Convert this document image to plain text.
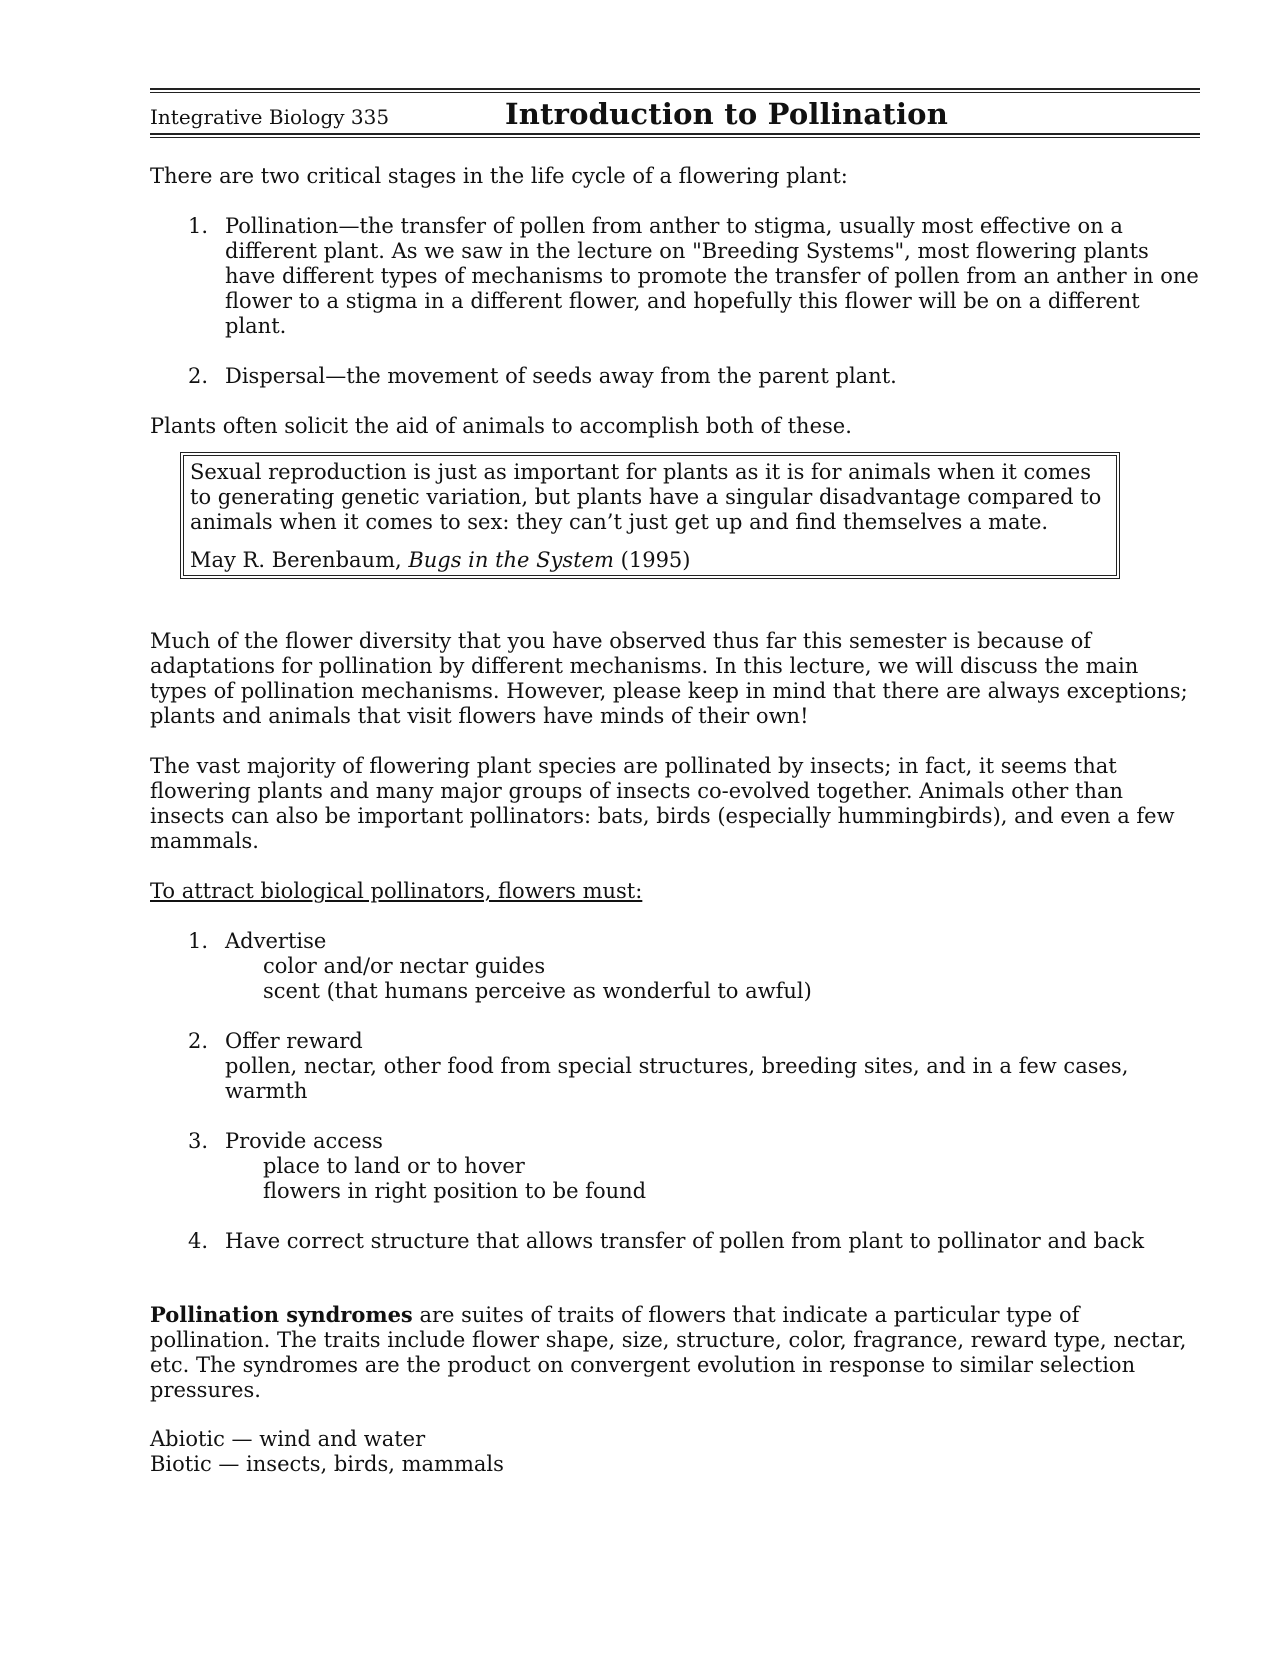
Integrative Biology 335	Introduction to Pollination

There are two critical stages in the life cycle of a flowering plant:

1. Pollination—the transfer of pollen from anther to stigma, usually most effective on a different plant. As we saw in the lecture on "Breeding Systems", most flowering plants have different types of mechanisms to promote the transfer of pollen from an anther in one flower to a stigma in a different flower, and hopefully this flower will be on a different plant.
2. Dispersal—the movement of seeds away from the parent plant.

Plants often solicit the aid of animals to accomplish both of these.

Sexual reproduction is just as important for plants as it is for animals when it comes to generating genetic variation, but plants have a singular disadvantage compared to animals when it comes to sex: they can’t just get up and find themselves a mate.

May R. Berenbaum, Bugs in the System (1995)

Much of the flower diversity that you have observed thus far this semester is because of adaptations for pollination by different mechanisms. In this lecture, we will discuss the main types of pollination mechanisms. However, please keep in mind that there are always exceptions; plants and animals that visit flowers have minds of their own!

The vast majority of flowering plant species are pollinated by insects; in fact, it seems that flowering plants and many major groups of insects co-evolved together. Animals other than insects can also be important pollinators: bats, birds (especially hummingbirds), and even a few mammals.

To attract biological pollinators, flowers must:

1. Advertise
color and/or nectar guides
scent (that humans perceive as wonderful to awful)
2. Offer reward
pollen, nectar, other food from special structures, breeding sites, and in a few cases, warmth
3. Provide access
place to land or to hover
flowers in right position to be found
4. Have correct structure that allows transfer of pollen from plant to pollinator and back

Pollination syndromes are suites of traits of flowers that indicate a particular type of pollination. The traits include flower shape, size, structure, color, fragrance, reward type, nectar, etc. The syndromes are the product on convergent evolution in response to similar selection pressures.

Abiotic — wind and water

Biotic — insects, birds, mammals
